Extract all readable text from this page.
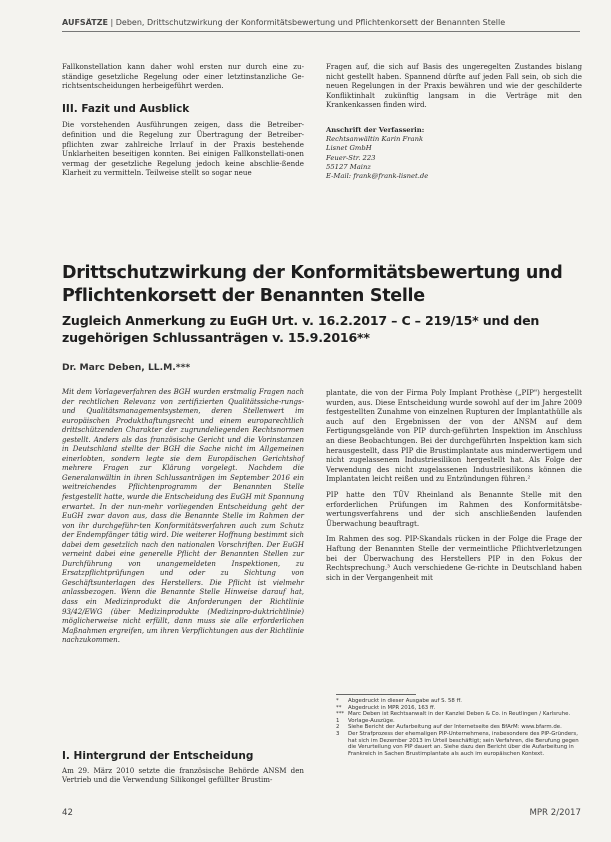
AUFSÄTZE | Deben, Drittschutzwirkung der Konformitätsbewertung und Pflichtenkorsett der Benannten Stelle

Fallkonstellation kann daher wohl ersten nur durch eine zu-ständige gesetzliche Regelung oder einer letztinstanzliche Ge-richtsentscheidungen herbeigeführt werden.

III. Fazit und Ausblick

Die vorstehenden Ausführungen zeigen, dass die Betreiber-definition und die Regelung zur Übertragung der Betreiber-pflichten zwar zahlreiche Irrlauf in der Praxis bestehende Unklarheiten beseitigen konnten. Bei einigen Fallkonstellati-onen vermag der gesetzliche Regelung jedoch keine abschlie-ßende Klarheit zu vermitteln. Teilweise stellt so sogar neue

Fragen auf, die sich auf Basis des ungeregelten Zustandes bislang nicht gestellt haben. Spannend dürfte auf jeden Fall sein, ob sich die neuen Regelungen in der Praxis bewähren und wie der geschilderte Konfliktinhalt zukünftig langsam in die Verträge mit den Krankenkassen finden wird.

Anschrift der Verfasserin:
Rechtsanwältin Karin Frank
Lisnet GmbH
Feuer-Str. 223
55127 Mainz
E-Mail: frank@frank-lisnet.de
Drittschutzwirkung der Konformitätsbewertung und Pflichtenkorsett der Benannten Stelle
Zugleich Anmerkung zu EuGH Urt. v. 16.2.2017 – C – 219/15* und den zugehörigen Schlussanträgen v. 15.9.2016**
Dr. Marc Deben, LL.M.***

Mit dem Vorlageverfahren des BGH wurden erstmalig Fragen nach der rechtlichen Relevanz von zertifizierten Qualitätssiche-rungs- und Qualitätsmanagementsystemen, deren Stellenwert im europäischen Produkthaftungsrecht und einem europarechtlich drittschützenden Charakter der zugrundeliegenden Rechtsnormen gestellt. Anders als das französische Gericht und die Vorinstanzen in Deutschland stellte der BGH die Sache nicht im Allgemeinen einerlobten, sondern legte sie dem Europäischen Gerichtshof mehrere Fragen zur Klärung vorgelegt. Nachdem die Generalanwältin in ihren Schlussanträgen im September 2016 ein weitreichendes Pflichtenprogramm der Benannten Stelle festgestellt hatte, wurde die Entscheidung des EuGH mit Spannung erwartet. In der nun-mehr vorliegenden Entscheidung geht der EuGH zwar davon aus, dass die Benannte Stelle im Rahmen der von ihr durchgeführ-ten Konformitätsverfahren auch zum Schutz der Endempfänger tätig wird. Die weiterer Hoffnung bestimmt sich dabei dem gesetzlich nach den nationalen Vorschriften. Der EuGH verneint dabei eine generelle Pflicht der Benannten Stellen zur Durchführung von unangemeldeten Inspektionen, zu Ersatzpflichtprüfungen und oder zu Sichtung von Geschäftsunterlagen des Herstellers. Die Pflicht ist vielmehr anlassbezogen. Wenn die Benannte Stelle Hinweise darauf hat, dass ein Medizinprodukt die Anforderungen der Richtlinie 93/42/EWG (über Medizinprodukte (Medizinpro-duktrichtlinie) möglicherweise nicht erfüllt, dann muss sie alle erforderlichen Maßnahmen ergreifen, um ihren Verpflichtungen aus der Richtlinie nachzukommen.

I. Hintergrund der Entscheidung

Am 29. März 2010 setzte die französische Behörde ANSM den Vertrieb und die Verwendung Silikongel gefüllter Brustim-

plantate, die von der Firma Poly Implant Prothèse („PIP") hergestellt wurden, aus. Diese Entscheidung wurde sowohl auf der im Jahre 2009 festgestellten Zunahme von einzelnen Rupturen der Implantathülle als auch auf den Ergebnissen der von der ANSM auf dem Fertigungsgelände von PIP durch-geführten Inspektion im Anschluss an diese Beobachtungen. Bei der durchgeführten Inspektion kam sich herausgestellt, dass PIP die Brustimplantate aus minderwertigem und nicht zugelassenem Industriesilikon hergestellt hat. Als Folge der Verwendung des nicht zugelassenen Industriesilikons können die Implantaten leicht reißen und zu Entzündungen führen.²

PIP hatte den TÜV Rheinland als Benannte Stelle mit den erforderlichen Prüfungen im Rahmen des Konformitätsbe-wertungsverfahrens und der sich anschließenden laufenden Überwachung beauftragt.

Im Rahmen des sog. PIP-Skandals rücken in der Folge die Frage der Haftung der Benannten Stelle der vermeintliche Pflichtverletzungen bei der Überwachung des Herstellers PIP in den Fokus der Rechtsprechung.³ Auch verschiedene Ge-richte in Deutschland haben sich in der Vergangenheit mit

*	Abgedruckt in dieser Ausgabe auf S. 58 ff.
**	Abgedruckt in MPR 2016, 163 ff.
*** Marc Deben ist Rechtsanwalt in der Kanzlei Deben & Co. in Reutlingen / Karlsruhe.
1	Vorlage-Auszüge.
2	Siehe Bericht der Aufarbeitung auf der Internetseite des BfArM: www.bfarm.de.
3	Der Strafprozess der ehemaligen PIP-Unternehmens, insbesondere des PIP-Gründers, hat sich im Dezember 2013 im Urteil beschäftigt; sein Verfahren, die Berufung gegen die Verurteilung von PIP dauert an. Siehe dazu den Bericht über die Aufarbeitung in Frankreich in Sachen Brustimplantate als auch im europäischen Kontext.
42	MPR 2/2017
